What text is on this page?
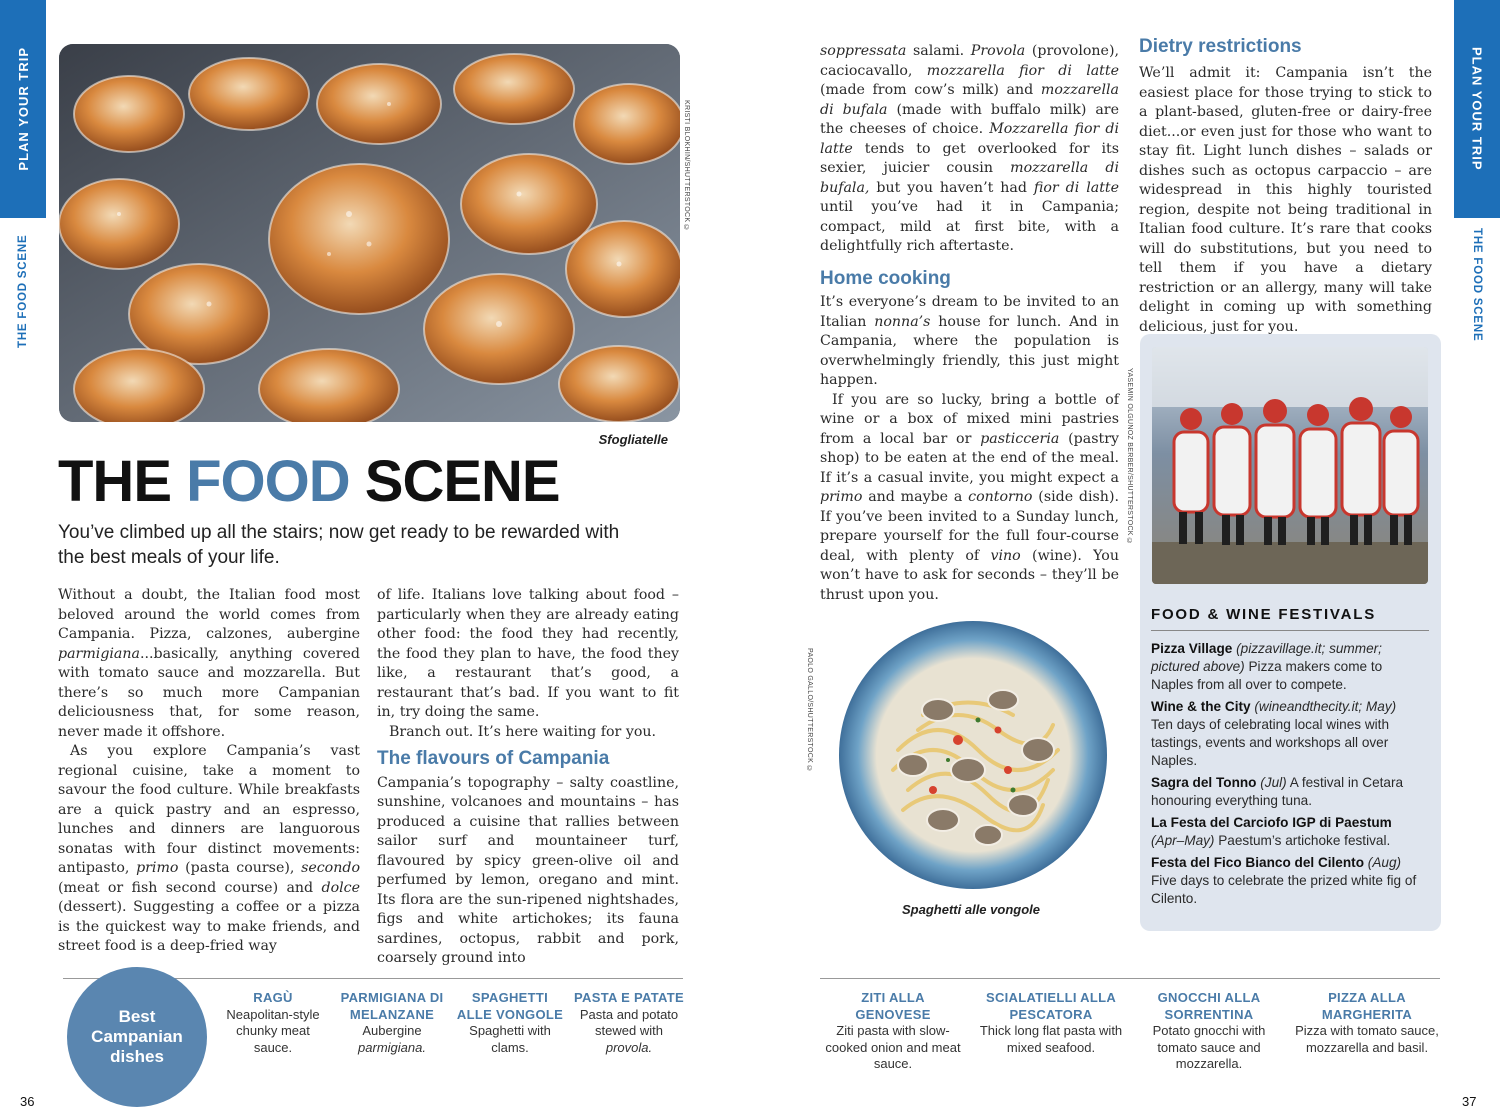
PLAN YOUR TRIP
THE FOOD SCENE
KRISTI BLOKHIN/SHUTTERSTOCK ©
Sfogliatelle
THE FOOD SCENE
You’ve climbed up all the stairs; now get ready to be rewarded with the best meals of your life.

Without a doubt, the Italian food most beloved around the world comes from Campania. Pizza, calzones, aubergine parmigiana...basically, anything covered with tomato sauce and mozzarella. But there’s so much more Campanian deliciousness that, for some reason, never made it offshore.

As you explore Campania’s vast regional cuisine, take a moment to savour the food culture. While breakfasts are a quick pastry and an espresso, lunches and dinners are languorous sonatas with four distinct movements: antipasto, primo (pasta course), secondo (meat or fish second course) and dolce (dessert). Suggesting a coffee or a pizza is the quickest way to make friends, and street food is a deep-fried way

of life. Italians love talking about food – particularly when they are already eating other food: the food they had recently, the food they plan to have, the food they like, a restaurant that’s good, a restaurant that’s bad. If you want to fit in, try doing the same.

Branch out. It’s here waiting for you.

The flavours of Campania

Campania’s topography – salty coastline, sunshine, volcanoes and mountains – has produced a cuisine that rallies between sailor surf and mountaineer turf, flavoured by spicy green-olive oil and perfumed by lemon, oregano and mint. Its flora are the sun-ripened nightshades, figs and white artichokes; its fauna sardines, octopus, rabbit and pork, coarsely ground into

Best Campanian dishes
RAGÙ
Neapolitan-style chunky meat sauce.
PARMIGIANA DI MELANZANE
Aubergine parmigiana.
SPAGHETTI ALLE VONGOLE
Spaghetti with clams.
PASTA E PATATE
Pasta and potato stewed with provola.
36

soppressata salami. Provola (provolone), caciocavallo, mozzarella fior di latte (made from cow’s milk) and mozzarella di bufala (made with buffalo milk) are the cheeses of choice. Mozzarella fior di latte tends to get overlooked for its sexier, juicier cousin mozzarella di bufala, but you haven’t had fior di latte until you’ve had it in Campania; compact, mild at first bite, with a delightfully rich aftertaste.

Home cooking

It’s everyone’s dream to be invited to an Italian nonna’s house for lunch. And in Campania, where the population is overwhelmingly friendly, this just might happen.

If you are so lucky, bring a bottle of wine or a box of mixed mini pastries from a local bar or pasticceria (pastry shop) to be eaten at the end of the meal. If it’s a casual invite, you might expect a primo and maybe a contorno (side dish). If you’ve been invited to a Sunday lunch, prepare yourself for the full four-course deal, with plenty of vino (wine). You won’t have to ask for seconds – they’ll be thrust upon you.

PAOLO GALLO/SHUTTERSTOCK ©
Spaghetti alle vongole
Dietry restrictions
We’ll admit it: Campania isn’t the easiest place for those trying to stick to a plant-based, gluten-free or dairy-free diet...or even just for those who want to stay fit. Light lunch dishes – salads or dishes such as octopus carpaccio – are widespread in this highly touristed region, despite not being traditional in Italian food culture. It’s rare that cooks will do substitutions, but you need to tell them if you have a dietary restriction or an allergy, many will take delight in coming up with something delicious, just for you.
YASEMIN OLGUNOZ BERBER/SHUTTERSTOCK ©
FOOD & WINE FESTIVALS
Pizza Village (pizzavillage.it; summer; pictured above) Pizza makers come to Naples from all over to compete.
Wine & the City (wineandthecity.it; May) Ten days of celebrating local wines with tastings, events and workshops all over Naples.
Sagra del Tonno (Jul) A festival in Cetara honouring everything tuna.
La Festa del Carciofo IGP di Paestum (Apr–May) Paestum’s artichoke festival.
Festa del Fico Bianco del Cilento (Aug) Five days to celebrate the prized white fig of Cilento.
PLAN YOUR TRIP
THE FOOD SCENE
ZITI ALLA GENOVESE
Ziti pasta with slow-cooked onion and meat sauce.
SCIALATIELLI ALLA PESCATORA
Thick long flat pasta with mixed seafood.
GNOCCHI ALLA SORRENTINA
Potato gnocchi with tomato sauce and mozzarella.
PIZZA ALLA MARGHERITA
Pizza with tomato sauce, mozzarella and basil.
37
